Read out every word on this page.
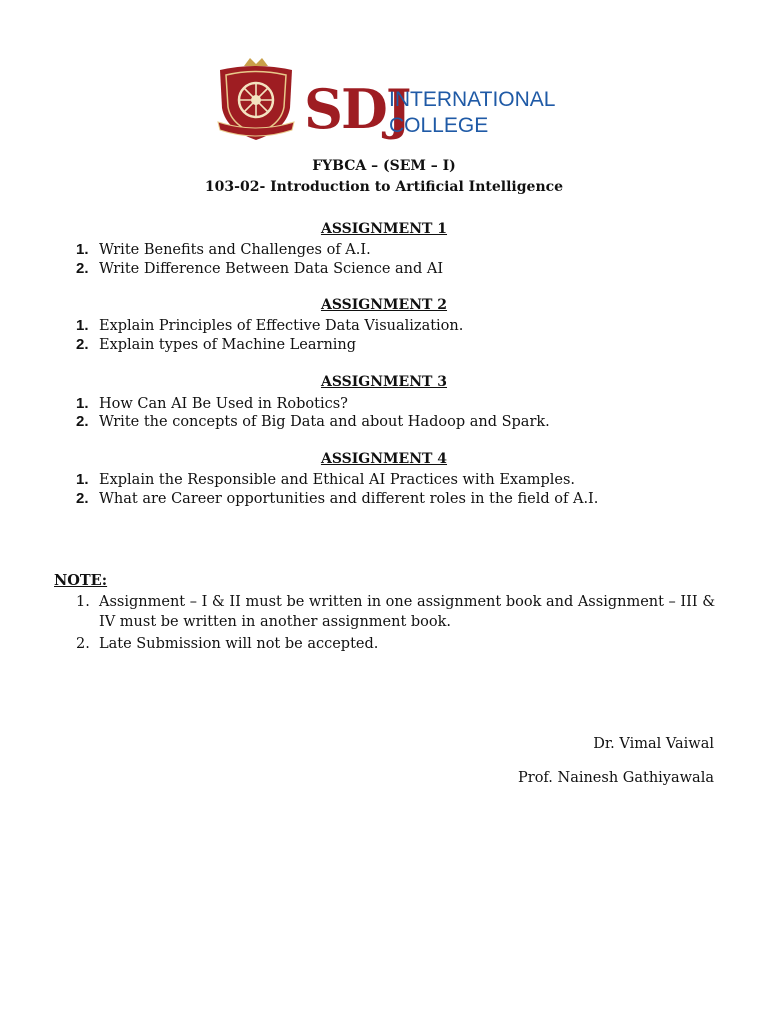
SDJ
INTERNATIONAL
COLLEGE
FYBCA – (SEM – I)
103-02- Introduction to Artificial Intelligence
ASSIGNMENT 1
1. Write Benefits and Challenges of A.I.
2. Write Difference Between Data Science and AI
ASSIGNMENT 2
1. Explain Principles of Effective Data Visualization.
2. Explain types of Machine Learning
ASSIGNMENT 3
1. How Can AI Be Used in Robotics?
2. Write the concepts of Big Data and about Hadoop and Spark.
ASSIGNMENT 4
1. Explain the Responsible and Ethical AI Practices with Examples.
2. What are Career opportunities and different roles in the field of A.I.
NOTE:
1. Assignment – I & II must be written in one assignment book and Assignment – III & IV must be written in another assignment book.
2. Late Submission will not be accepted.
Dr. Vimal Vaiwal
Prof. Nainesh Gathiyawala
